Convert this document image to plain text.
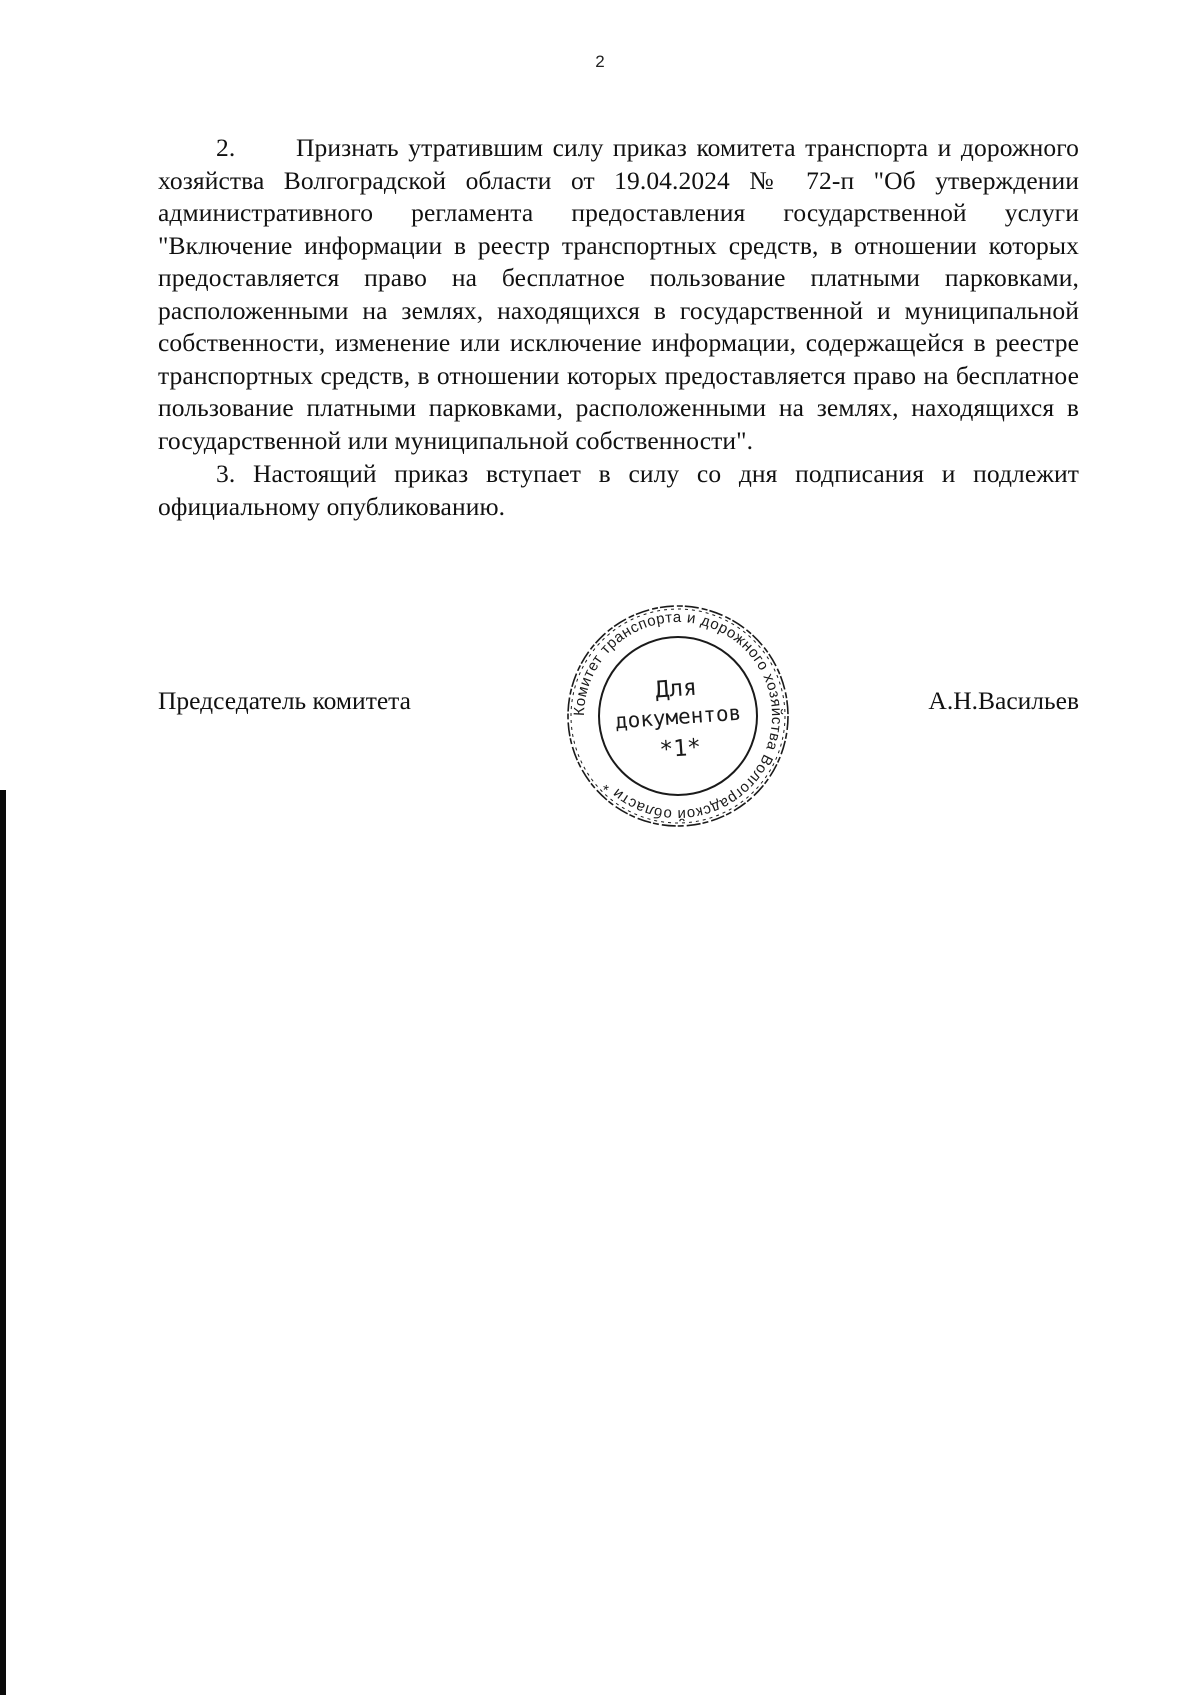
2

2. Признать утратившим силу приказ комитета транспорта и дорожного хозяйства Волгоградской области от 19.04.2024 № 72-п "Об утверждении административного регламента предоставления государственной услуги "Включение информации в реестр транспортных средств, в отношении которых предоставляется право на бесплатное пользование платными парковками, расположенными на землях, находящихся в государственной и муниципальной собственности, изменение или исключение информации, содержащейся в реестре транспортных средств, в отношении которых предоставляется право на бесплатное пользование платными парковками, расположенными на землях, находящихся в государственной или муниципальной собственности".

3. Настоящий приказ вступает в силу со дня подписания и подлежит официальному опубликованию.

Председатель комитета	Комитет транспорта и дорожного хозяйства Волгоградской области *
Для
документов
*1*
А.Н.Васильев
